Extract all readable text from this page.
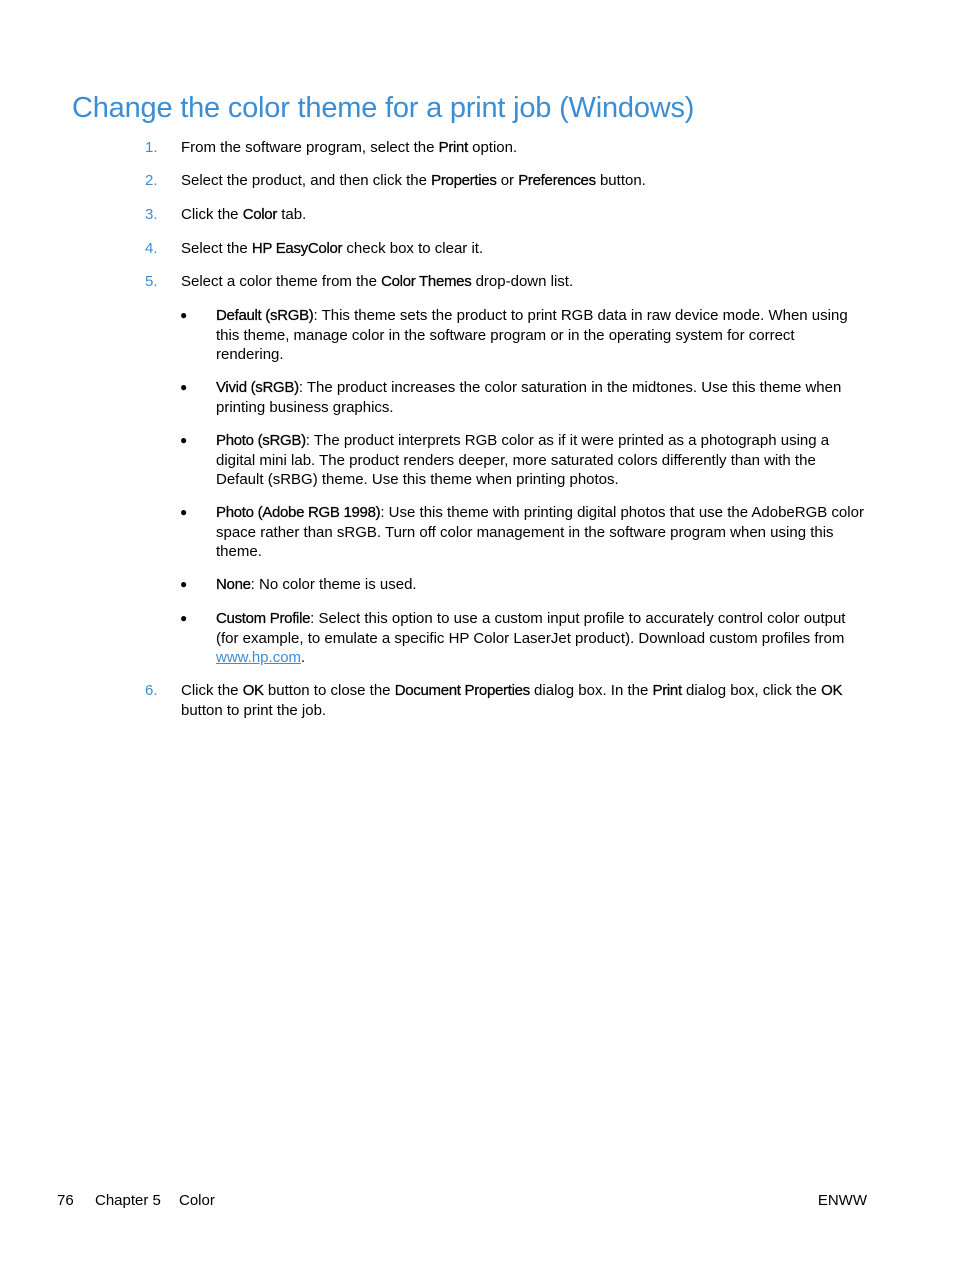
Change the color theme for a print job (Windows)
1. From the software program, select the Print option.
2. Select the product, and then click the Properties or Preferences button.
3. Click the Color tab.
4. Select the HP EasyColor check box to clear it.
5. Select a color theme from the Color Themes drop-down list.
● Default (sRGB): This theme sets the product to print RGB data in raw device mode. When using this theme, manage color in the software program or in the operating system for correct rendering.
● Vivid (sRGB): The product increases the color saturation in the midtones. Use this theme when printing business graphics.
● Photo (sRGB): The product interprets RGB color as if it were printed as a photograph using a digital mini lab. The product renders deeper, more saturated colors differently than with the Default (sRBG) theme. Use this theme when printing photos.
● Photo (Adobe RGB 1998): Use this theme with printing digital photos that use the AdobeRGB color space rather than sRGB. Turn off color management in the software program when using this theme.
● None: No color theme is used.
● Custom Profile: Select this option to use a custom input profile to accurately control color output (for example, to emulate a specific HP Color LaserJet product). Download custom profiles from www.hp.com.
6. Click the OK button to close the Document Properties dialog box. In the Print dialog box, click the OK button to print the job.
76 Chapter 5 Color	ENWW
